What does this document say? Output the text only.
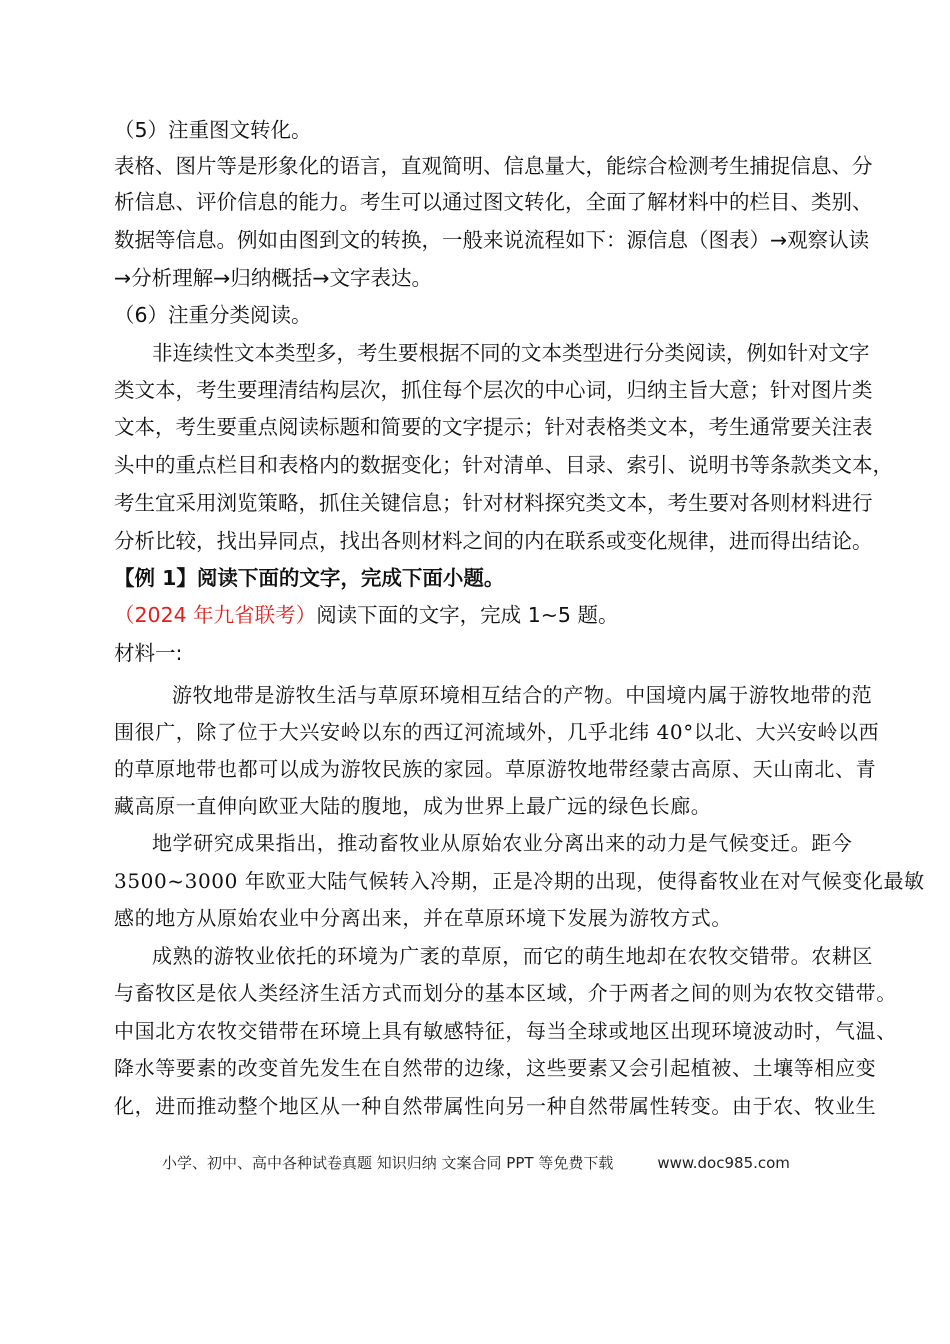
（5）注重图文转化。
表格、图片等是形象化的语言，直观简明、信息量大，能综合检测考生捕捉信息、分
析信息、评价信息的能力。考生可以通过图文转化，全面了解材料中的栏目、类别、
数据等信息。例如由图到文的转换，一般来说流程如下：源信息（图表）→观察认读
→分析理解→归纳概括→文字表达。
（6）注重分类阅读。
非连续性文本类型多，考生要根据不同的文本类型进行分类阅读，例如针对文字
类文本，考生要理清结构层次，抓住每个层次的中心词，归纳主旨大意；针对图片类
文本，考生要重点阅读标题和简要的文字提示；针对表格类文本，考生通常要关注表
头中的重点栏目和表格内的数据变化；针对清单、目录、索引、说明书等条款类文本，
考生宜采用浏览策略，抓住关键信息；针对材料探究类文本，考生要对各则材料进行
分析比较，找出异同点，找出各则材料之间的内在联系或变化规律，进而得出结论。
【例 1】阅读下面的文字，完成下面小题。
（2024 年九省联考）阅读下面的文字，完成 1~5 题。
材料一:
游牧地带是游牧生活与草原环境相互结合的产物。中国境内属于游牧地带的范
围很广，除了位于大兴安岭以东的西辽河流域外，几乎北纬 40°以北、大兴安岭以西
的草原地带也都可以成为游牧民族的家园。草原游牧地带经蒙古高原、天山南北、青
藏高原一直伸向欧亚大陆的腹地，成为世界上最广远的绿色长廊。
地学研究成果指出，推动畜牧业从原始农业分离出来的动力是气候变迁。距今
3500~3000 年欧亚大陆气候转入冷期，正是冷期的出现，使得畜牧业在对气候变化最敏
感的地方从原始农业中分离出来，并在草原环境下发展为游牧方式。
成熟的游牧业依托的环境为广袤的草原，而它的萌生地却在农牧交错带。农耕区
与畜牧区是依人类经济生活方式而划分的基本区域，介于两者之间的则为农牧交错带。
中国北方农牧交错带在环境上具有敏感特征，每当全球或地区出现环境波动时，气温、
降水等要素的改变首先发生在自然带的边缘，这些要素又会引起植被、土壤等相应变
化，进而推动整个地区从一种自然带属性向另一种自然带属性转变。由于农、牧业生
小学、初中、高中各种试卷真题 知识归纳 文案合同 PPT 等免费下载	www.doc985.com
